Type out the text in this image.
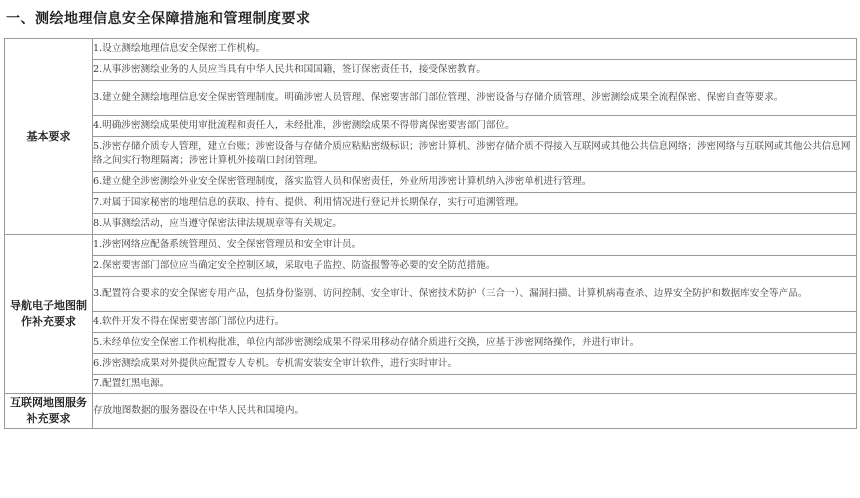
一、测绘地理信息安全保障措施和管理制度要求
基本要求	1.设立测绘地理信息安全保密工作机构。
	2.从事涉密测绘业务的人员应当具有中华人民共和国国籍，签订保密责任书，接受保密教育。
	3.建立健全测绘地理信息安全保密管理制度。明确涉密人员管理、保密要害部门部位管理、涉密设备与存储介质管理、涉密测绘成果全流程保密、保密自查等要求。
	4.明确涉密测绘成果使用审批流程和责任人，未经批准，涉密测绘成果不得带离保密要害部门部位。
	5.涉密存储介质专人管理，建立台账；涉密设备与存储介质应粘贴密级标识；涉密计算机、涉密存储介质不得接入互联网或其他公共信息网络；涉密网络与互联网或其他公共信息网络之间实行物理隔离；涉密计算机外接端口封闭管理。
	6.建立健全涉密测绘外业安全保密管理制度，落实监管人员和保密责任，外业所用涉密计算机纳入涉密单机进行管理。
	7.对属于国家秘密的地理信息的获取、持有、提供、利用情况进行登记并长期保存，实行可追溯管理。
	8.从事测绘活动，应当遵守保密法律法规规章等有关规定。
导航电子地图制作补充要求	1.涉密网络应配备系统管理员、安全保密管理员和安全审计员。
	2.保密要害部门部位应当确定安全控制区域，采取电子监控、防盗报警等必要的安全防范措施。
	3.配置符合要求的安全保密专用产品，包括身份鉴别、访问控制、安全审计、保密技术防护（三合一）、漏洞扫描、计算机病毒查杀、边界安全防护和数据库安全等产品。
	4.软件开发不得在保密要害部门部位内进行。
	5.未经单位安全保密工作机构批准，单位内部涉密测绘成果不得采用移动存储介质进行交换，应基于涉密网络操作，并进行审计。
	6.涉密测绘成果对外提供应配置专人专机。专机需安装安全审计软件，进行实时审计。
	7.配置红黑电源。
互联网地图服务补充要求	存放地图数据的服务器设在中华人民共和国境内。
